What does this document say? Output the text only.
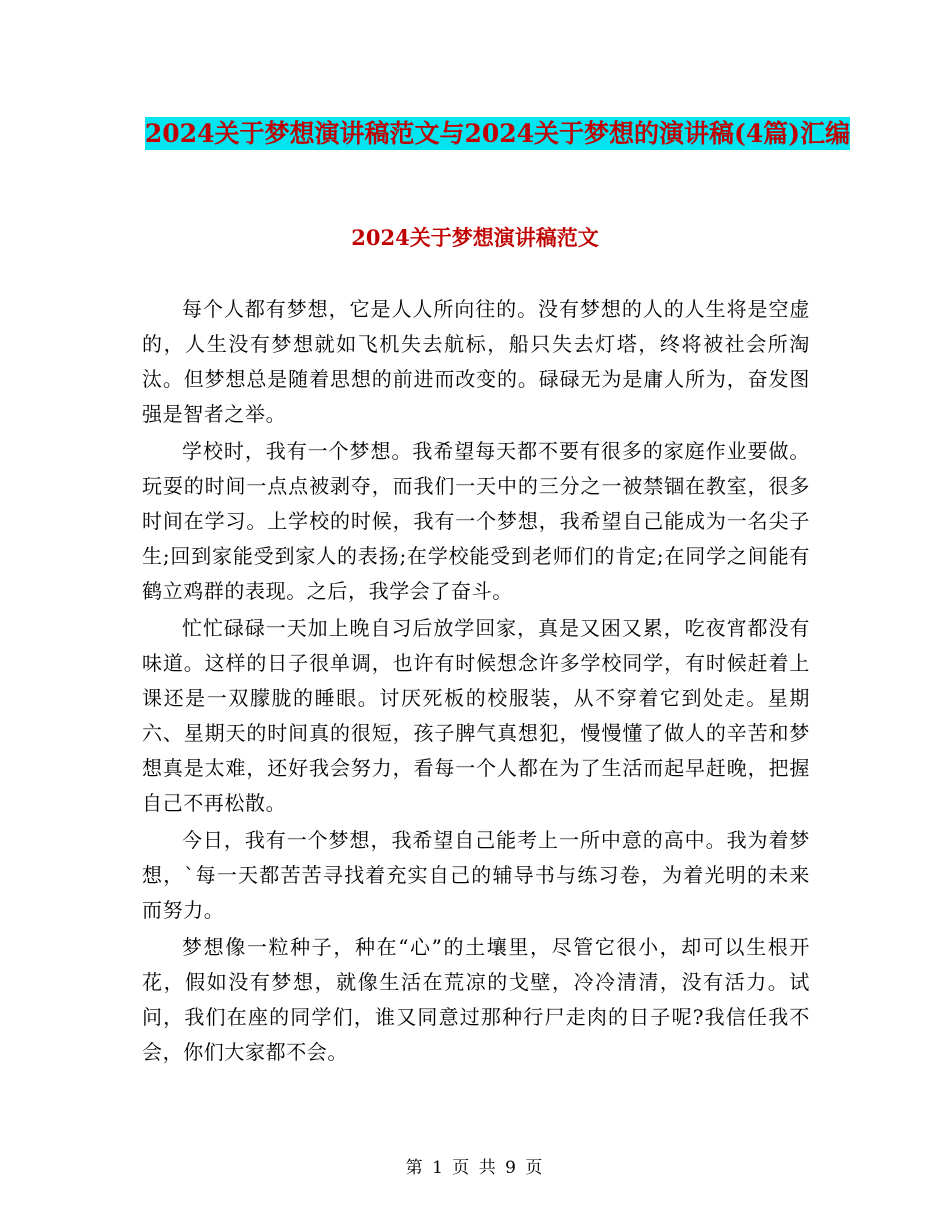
2024关于梦想演讲稿范文与2024关于梦想的演讲稿(4篇)汇编
2024关于梦想演讲稿范文

每个人都有梦想，它是人人所向往的。没有梦想的人的人生将是空虚的，人生没有梦想就如飞机失去航标，船只失去灯塔，终将被社会所淘汰。但梦想总是随着思想的前进而改变的。碌碌无为是庸人所为，奋发图强是智者之举。

学校时，我有一个梦想。我希望每天都不要有很多的家庭作业要做。玩耍的时间一点点被剥夺，而我们一天中的三分之一被禁锢在教室，很多时间在学习。上学校的时候，我有一个梦想，我希望自己能成为一名尖子生;回到家能受到家人的表扬;在学校能受到老师们的肯定;在同学之间能有鹤立鸡群的表现。之后，我学会了奋斗。

忙忙碌碌一天加上晚自习后放学回家，真是又困又累，吃夜宵都没有味道。这样的日子很单调，也许有时候想念许多学校同学，有时候赶着上课还是一双朦胧的睡眼。讨厌死板的校服装，从不穿着它到处走。星期六、星期天的时间真的很短，孩子脾气真想犯，慢慢懂了做人的辛苦和梦想真是太难，还好我会努力，看每一个人都在为了生活而起早赶晚，把握自己不再松散。

今日，我有一个梦想，我希望自己能考上一所中意的高中。我为着梦想，`每一天都苦苦寻找着充实自己的辅导书与练习卷，为着光明的未来而努力。

梦想像一粒种子，种在“心”的土壤里，尽管它很小，却可以生根开花，假如没有梦想，就像生活在荒凉的戈壁，冷冷清清，没有活力。试问，我们在座的同学们，谁又同意过那种行尸走肉的日子呢?我信任我不会，你们大家都不会。

第 1 页 共 9 页
